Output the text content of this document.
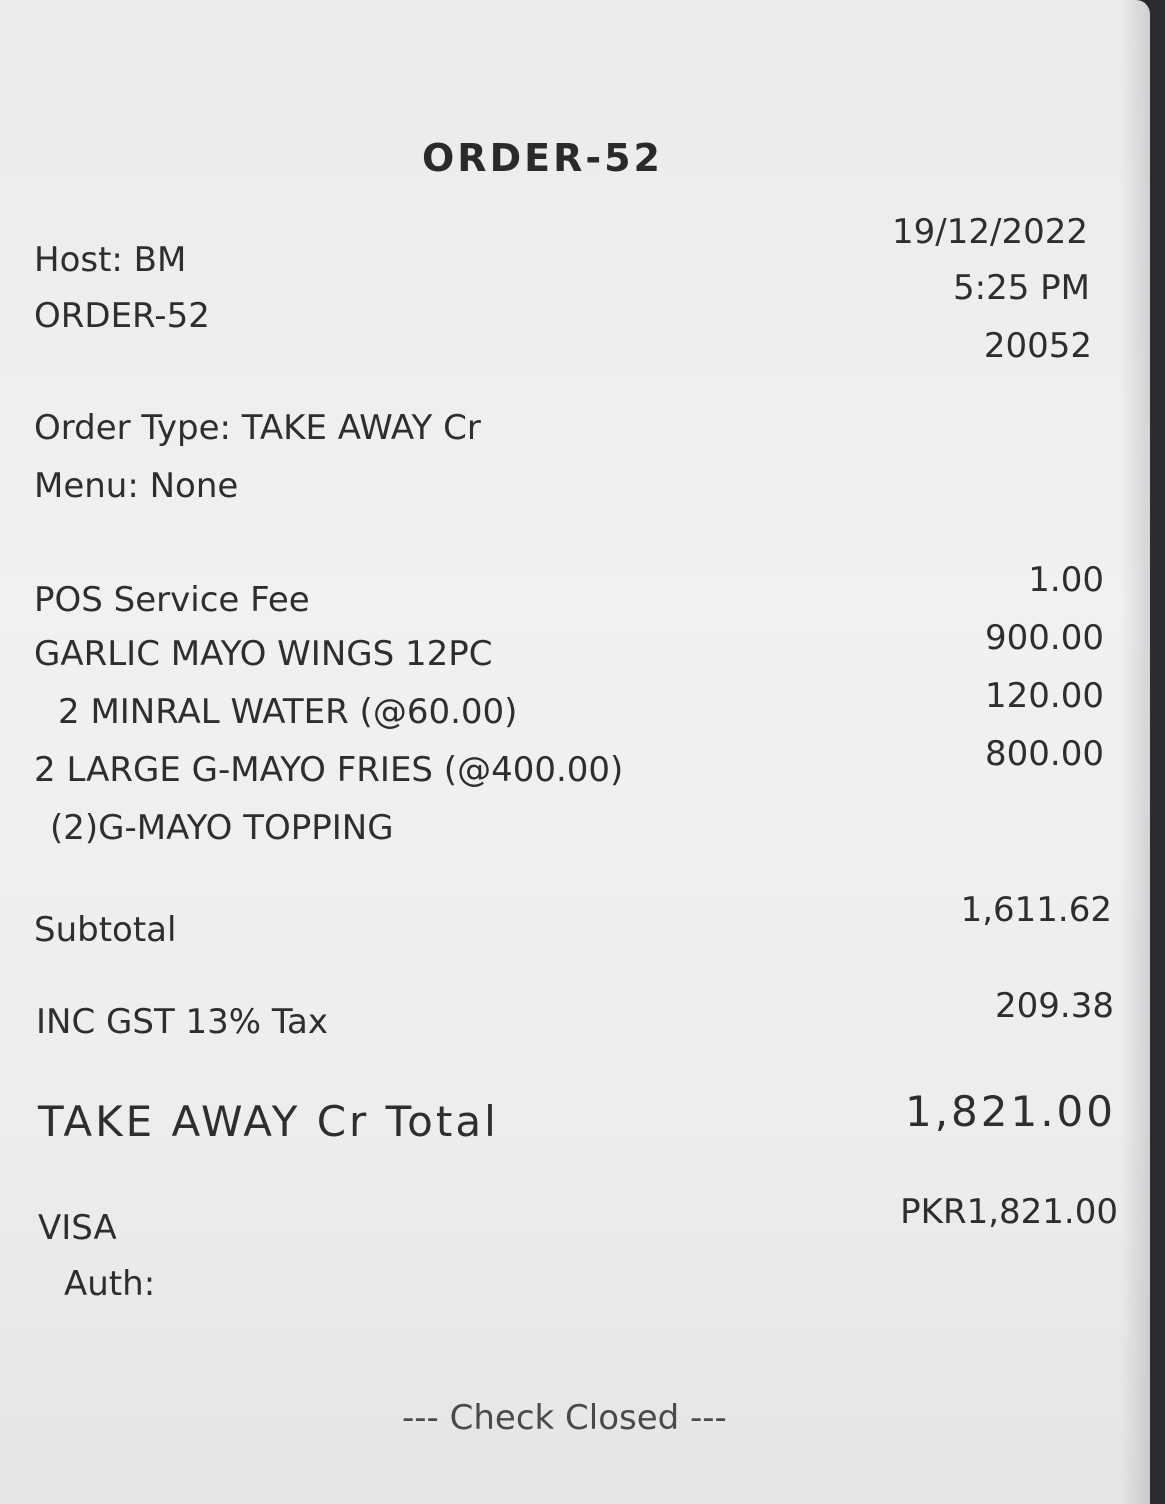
ORDER-52
Host: BM
ORDER-52
19/12/2022
5:25 PM
20052
Order Type: TAKE AWAY Cr
Menu: None
POS Service Fee	1.00
GARLIC MAYO WINGS 12PC	900.00
2 MINRAL WATER (@60.00)	120.00
2 LARGE G-MAYO FRIES (@400.00)	800.00
(2)G-MAYO TOPPING
Subtotal	1,611.62
INC GST 13% Tax	209.38
TAKE AWAY Cr Total	1,821.00
VISA	PKR1,821.00
Auth:
--- Check Closed ---
